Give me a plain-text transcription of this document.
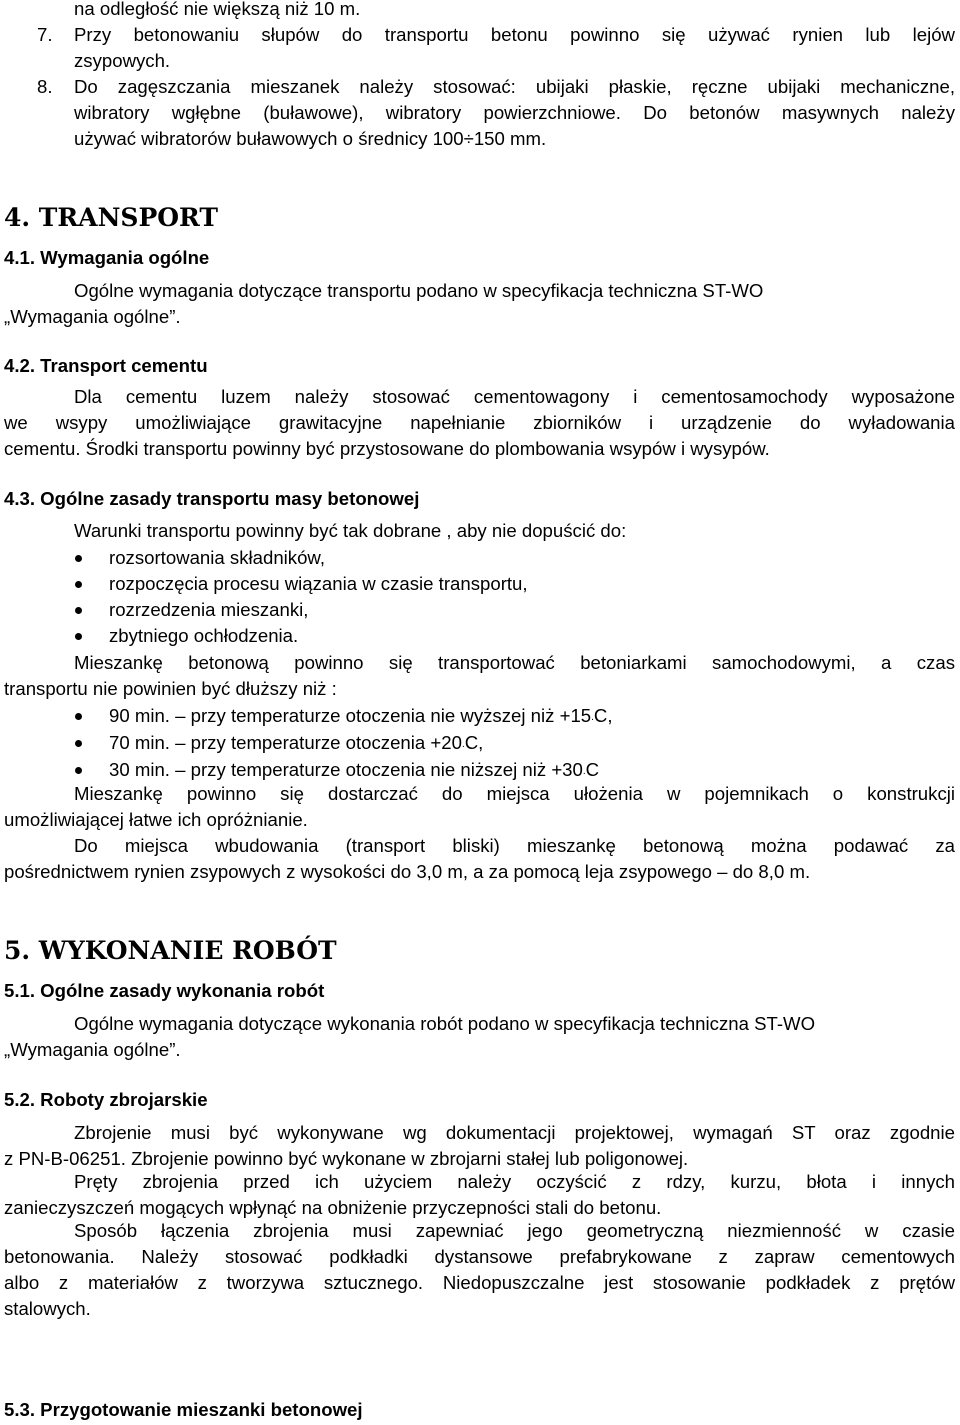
na odległość nie większą niż 10 m.
7. Przy betonowaniu słupów do transportu betonu powinno się używać rynien lub lejów
zsypowych.
8. Do zagęszczania mieszanek należy stosować: ubijaki płaskie, ręczne ubijaki mechaniczne,
wibratory wgłębne (buławowe), wibratory powierzchniowe. Do betonów masywnych należy
używać wibratorów buławowych o średnicy 100÷150 mm.
4. TRANSPORT
4.1. Wymagania ogólne
Ogólne wymagania dotyczące transportu podano w specyfikacja techniczna ST-WO
„Wymagania ogólne”.
4.2. Transport cementu
Dla cementu luzem należy stosować cementowagony i cementosamochody wyposażone
we wsypy umożliwiające grawitacyjne napełnianie zbiorników i urządzenie do wyładowania
cementu. Środki transportu powinny być przystosowane do plombowania wsypów i wysypów.
4.3. Ogólne zasady transportu masy betonowej
Warunki transportu powinny być tak dobrane , aby nie dopuścić do:
rozsortowania składników,
rozpoczęcia procesu wiązania w czasie transportu,
rozrzedzenia mieszanki,
zbytniego ochłodzenia.
Mieszankę betonową powinno się transportować betoniarkami samochodowymi, a czas
transportu nie powinien być dłuższy niż :
90 min. – przy temperaturze otoczenia nie wyższej niż +15.C,
70 min. – przy temperaturze otoczenia +20.C,
30 min. – przy temperaturze otoczenia nie niższej niż +30.C
Mieszankę powinno się dostarczać do miejsca ułożenia w pojemnikach o konstrukcji
umożliwiającej łatwe ich opróżnianie.
Do miejsca wbudowania (transport bliski) mieszankę betonową można podawać za
pośrednictwem rynien zsypowych z wysokości do 3,0 m, a za pomocą leja zsypowego – do 8,0 m.
5. WYKONANIE ROBÓT
5.1. Ogólne zasady wykonania robót
Ogólne wymagania dotyczące wykonania robót podano w specyfikacja techniczna ST-WO
„Wymagania ogólne”.
5.2. Roboty zbrojarskie
Zbrojenie musi być wykonywane wg dokumentacji projektowej, wymagań ST oraz zgodnie
z PN-B-06251. Zbrojenie powinno być wykonane w zbrojarni stałej lub poligonowej.
Pręty zbrojenia przed ich użyciem należy oczyścić z rdzy, kurzu, błota i innych
zanieczyszczeń mogących wpłynąć na obniżenie przyczepności stali do betonu.
Sposób łączenia zbrojenia musi zapewniać jego geometryczną niezmienność w czasie
betonowania. Należy stosować podkładki dystansowe prefabrykowane z zapraw cementowych
albo z materiałów z tworzywa sztucznego. Niedopuszczalne jest stosowanie podkładek z prętów
stalowych.
5.3. Przygotowanie mieszanki betonowej
